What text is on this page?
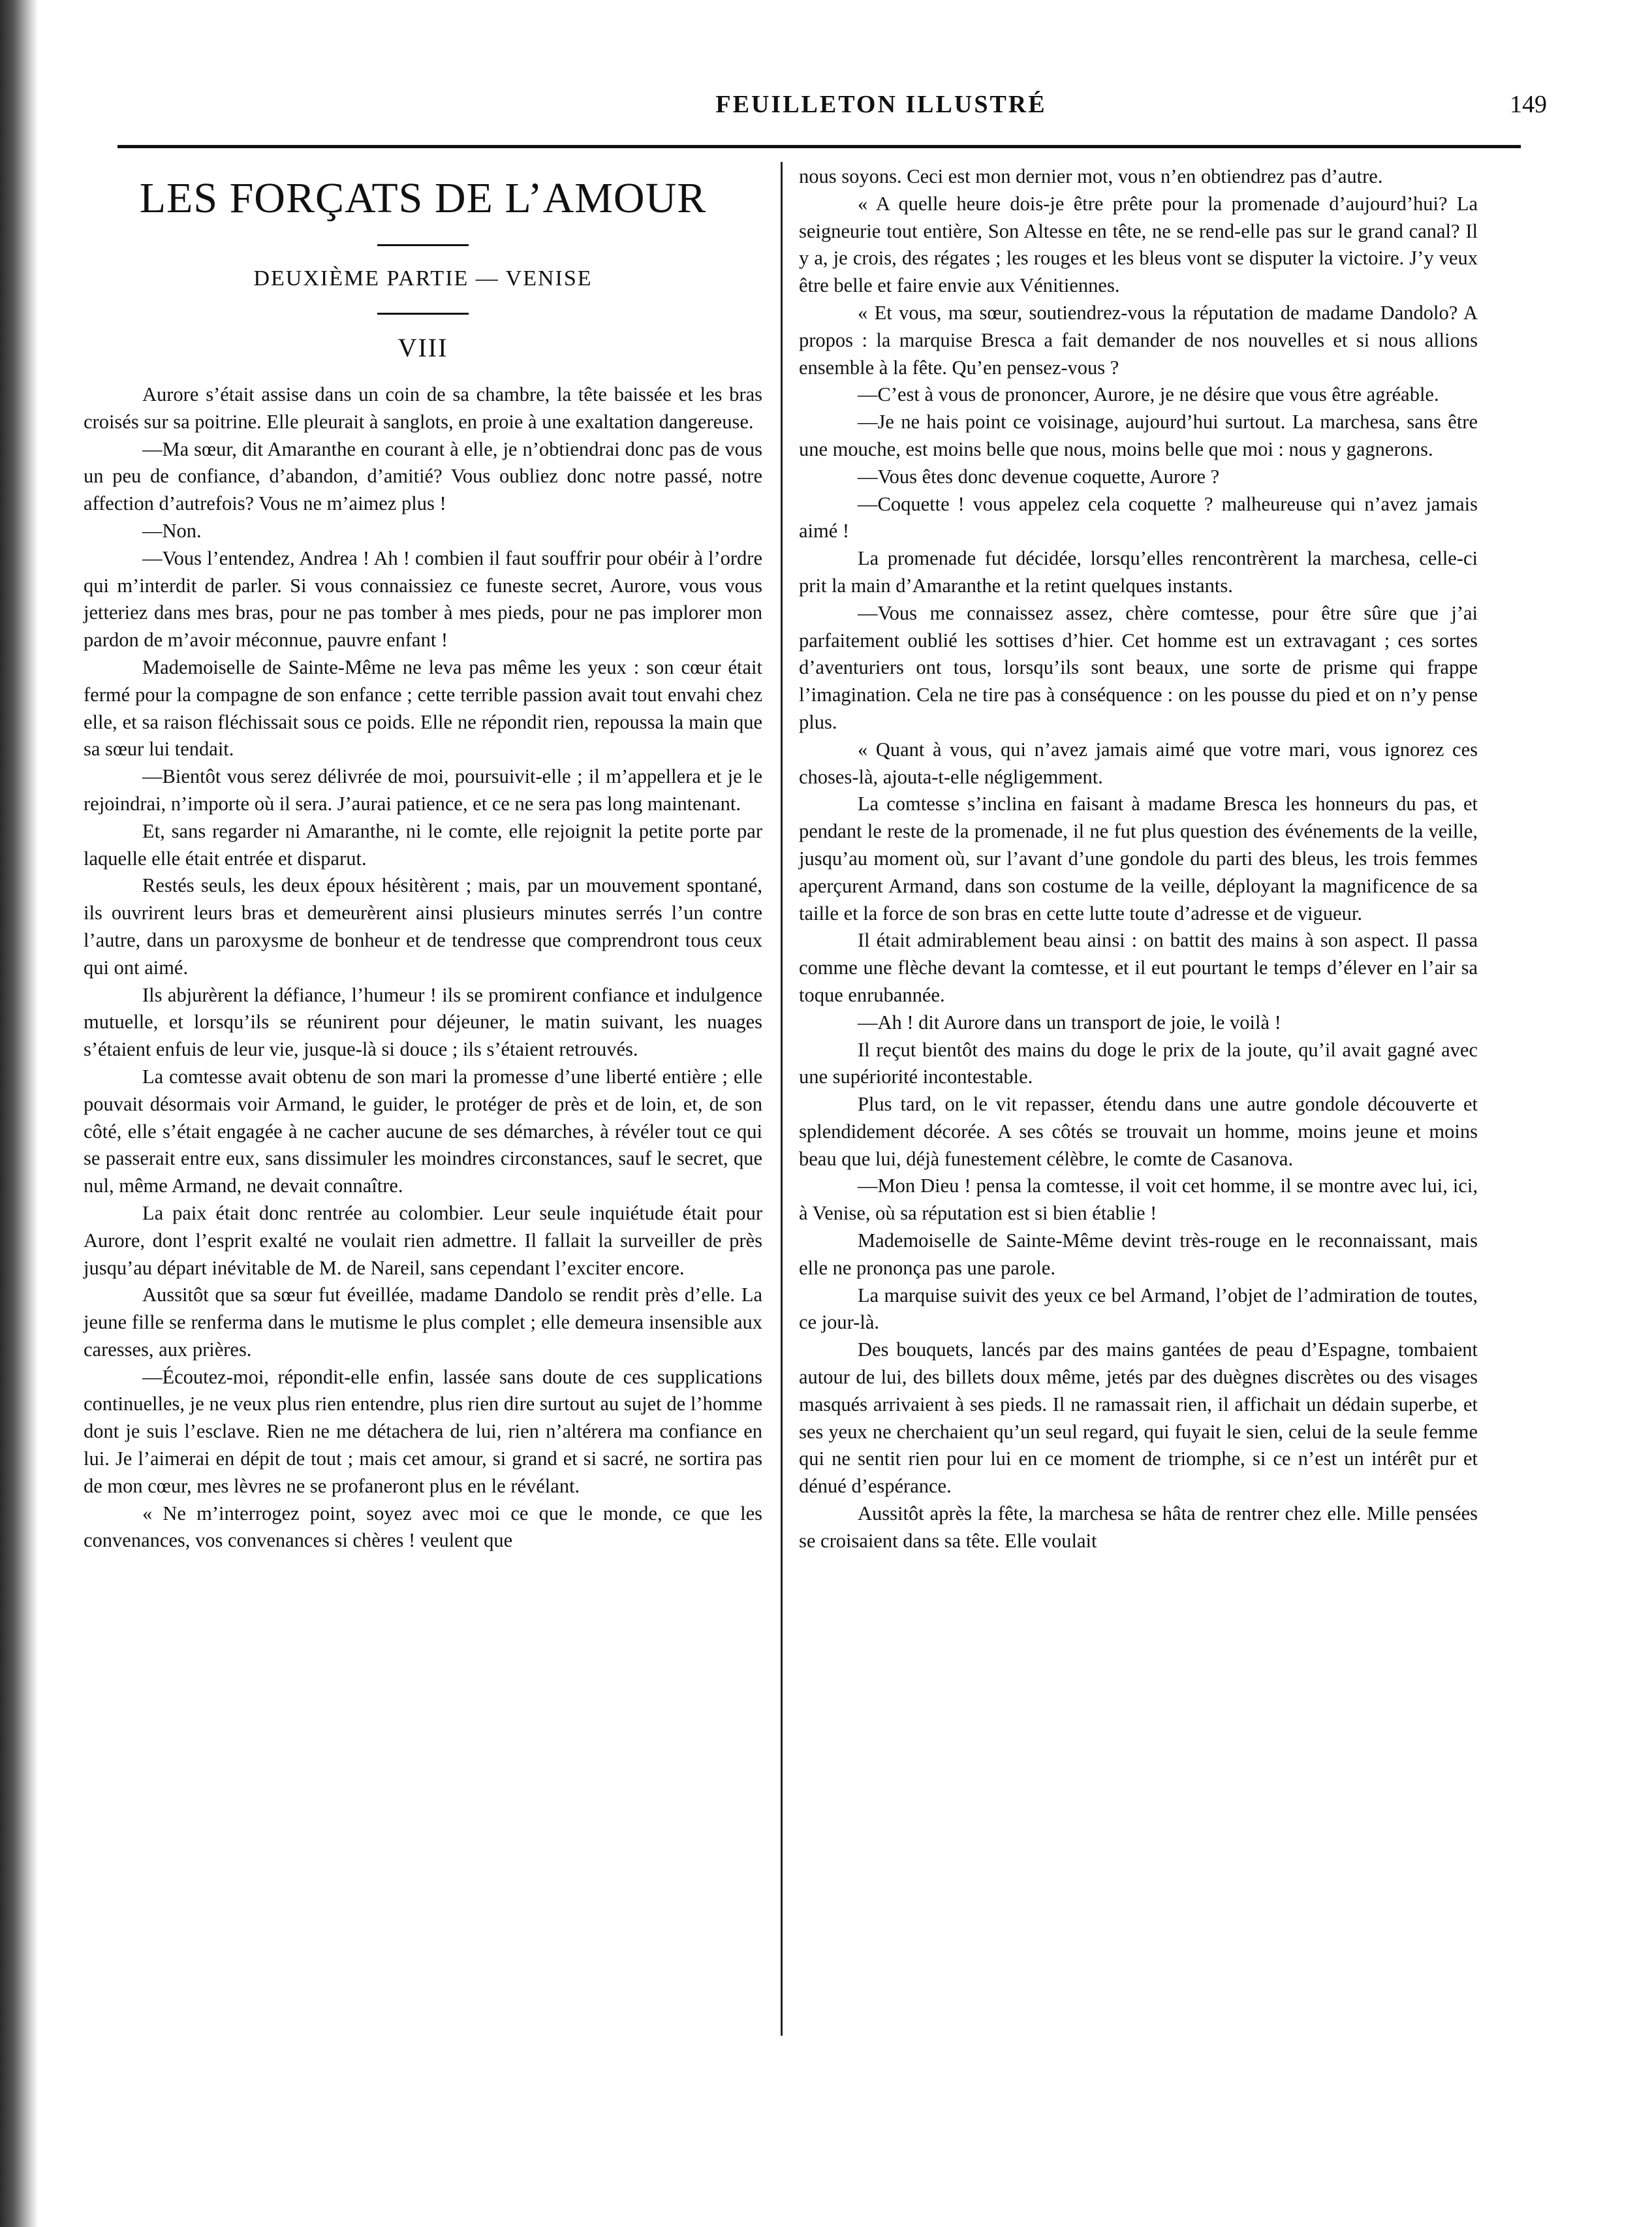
FEUILLETON ILLUSTRÉ	149
LES FORÇATS DE L’AMOUR
DEUXIÈME PARTIE — VENISE
VIII

Aurore s’était assise dans un coin de sa chambre, la tête baissée et les bras croisés sur sa poitrine. Elle pleurait à sanglots, en proie à une exaltation dangereuse.

—Ma sœur, dit Amaranthe en courant à elle, je n’obtiendrai donc pas de vous un peu de confiance, d’abandon, d’amitié? Vous oubliez donc notre passé, notre affection d’autrefois? Vous ne m’aimez plus !

—Non.

—Vous l’entendez, Andrea ! Ah ! combien il faut souffrir pour obéir à l’ordre qui m’interdit de parler. Si vous connaissiez ce funeste secret, Aurore, vous vous jetteriez dans mes bras, pour ne pas tomber à mes pieds, pour ne pas implorer mon pardon de m’avoir méconnue, pauvre enfant !

Mademoiselle de Sainte-Même ne leva pas même les yeux : son cœur était fermé pour la compagne de son enfance ; cette terrible passion avait tout envahi chez elle, et sa raison fléchissait sous ce poids. Elle ne répondit rien, repoussa la main que sa sœur lui tendait.

—Bientôt vous serez délivrée de moi, poursuivit-elle ; il m’appellera et je le rejoindrai, n’importe où il sera. J’aurai patience, et ce ne sera pas long maintenant.

Et, sans regarder ni Amaranthe, ni le comte, elle rejoignit la petite porte par laquelle elle était entrée et disparut.

Restés seuls, les deux époux hésitèrent ; mais, par un mouvement spontané, ils ouvrirent leurs bras et demeurèrent ainsi plusieurs minutes serrés l’un contre l’autre, dans un paroxysme de bonheur et de tendresse que comprendront tous ceux qui ont aimé.

Ils abjurèrent la défiance, l’humeur ! ils se promirent confiance et indulgence mutuelle, et lorsqu’ils se réunirent pour déjeuner, le matin suivant, les nuages s’étaient enfuis de leur vie, jusque-là si douce ; ils s’étaient retrouvés.

La comtesse avait obtenu de son mari la promesse d’une liberté entière ; elle pouvait désormais voir Armand, le guider, le protéger de près et de loin, et, de son côté, elle s’était engagée à ne cacher aucune de ses démarches, à révéler tout ce qui se passerait entre eux, sans dissimuler les moindres circonstances, sauf le secret, que nul, même Armand, ne devait connaître.

La paix était donc rentrée au colombier. Leur seule inquiétude était pour Aurore, dont l’esprit exalté ne voulait rien admettre. Il fallait la surveiller de près jusqu’au départ inévitable de M. de Nareil, sans cependant l’exciter encore.

Aussitôt que sa sœur fut éveillée, madame Dandolo se rendit près d’elle. La jeune fille se renferma dans le mutisme le plus complet ; elle demeura insensible aux caresses, aux prières.

—Écoutez-moi, répondit-elle enfin, lassée sans doute de ces supplications continuelles, je ne veux plus rien entendre, plus rien dire surtout au sujet de l’homme dont je suis l’esclave. Rien ne me détachera de lui, rien n’altérera ma confiance en lui. Je l’aimerai en dépit de tout ; mais cet amour, si grand et si sacré, ne sortira pas de mon cœur, mes lèvres ne se profaneront plus en le révélant.

« Ne m’interrogez point, soyez avec moi ce que le monde, ce que les convenances, vos convenances si chères ! veulent que

nous soyons. Ceci est mon dernier mot, vous n’en obtiendrez pas d’autre.

« A quelle heure dois-je être prête pour la promenade d’aujourd’hui? La seigneurie tout entière, Son Altesse en tête, ne se rend-elle pas sur le grand canal? Il y a, je crois, des régates ; les rouges et les bleus vont se disputer la victoire. J’y veux être belle et faire envie aux Vénitiennes.

« Et vous, ma sœur, soutiendrez-vous la réputation de madame Dandolo? A propos : la marquise Bresca a fait demander de nos nouvelles et si nous allions ensemble à la fête. Qu’en pensez-vous ?

—C’est à vous de prononcer, Aurore, je ne désire que vous être agréable.

—Je ne hais point ce voisinage, aujourd’hui surtout. La marchesa, sans être une mouche, est moins belle que nous, moins belle que moi : nous y gagnerons.

—Vous êtes donc devenue coquette, Aurore ?

—Coquette ! vous appelez cela coquette ? malheureuse qui n’avez jamais aimé !

La promenade fut décidée, lorsqu’elles rencontrèrent la marchesa, celle-ci prit la main d’Amaranthe et la retint quelques instants.

—Vous me connaissez assez, chère comtesse, pour être sûre que j’ai parfaitement oublié les sottises d’hier. Cet homme est un extravagant ; ces sortes d’aventuriers ont tous, lorsqu’ils sont beaux, une sorte de prisme qui frappe l’imagination. Cela ne tire pas à conséquence : on les pousse du pied et on n’y pense plus.

« Quant à vous, qui n’avez jamais aimé que votre mari, vous ignorez ces choses-là, ajouta-t-elle négligemment.

La comtesse s’inclina en faisant à madame Bresca les honneurs du pas, et pendant le reste de la promenade, il ne fut plus question des événements de la veille, jusqu’au moment où, sur l’avant d’une gondole du parti des bleus, les trois femmes aperçurent Armand, dans son costume de la veille, déployant la magnificence de sa taille et la force de son bras en cette lutte toute d’adresse et de vigueur.

Il était admirablement beau ainsi : on battit des mains à son aspect. Il passa comme une flèche devant la comtesse, et il eut pourtant le temps d’élever en l’air sa toque enrubannée.

—Ah ! dit Aurore dans un transport de joie, le voilà !

Il reçut bientôt des mains du doge le prix de la joute, qu’il avait gagné avec une supériorité incontestable.

Plus tard, on le vit repasser, étendu dans une autre gondole découverte et splendidement décorée. A ses côtés se trouvait un homme, moins jeune et moins beau que lui, déjà funestement célèbre, le comte de Casanova.

—Mon Dieu ! pensa la comtesse, il voit cet homme, il se montre avec lui, ici, à Venise, où sa réputation est si bien établie !

Mademoiselle de Sainte-Même devint très-rouge en le reconnaissant, mais elle ne prononça pas une parole.

La marquise suivit des yeux ce bel Armand, l’objet de l’admiration de toutes, ce jour-là.

Des bouquets, lancés par des mains gantées de peau d’Espagne, tombaient autour de lui, des billets doux même, jetés par des duègnes discrètes ou des visages masqués arrivaient à ses pieds. Il ne ramassait rien, il affichait un dédain superbe, et ses yeux ne cherchaient qu’un seul regard, qui fuyait le sien, celui de la seule femme qui ne sentit rien pour lui en ce moment de triomphe, si ce n’est un intérêt pur et dénué d’espérance.

Aussitôt après la fête, la marchesa se hâta de rentrer chez elle. Mille pensées se croisaient dans sa tête. Elle voulait
